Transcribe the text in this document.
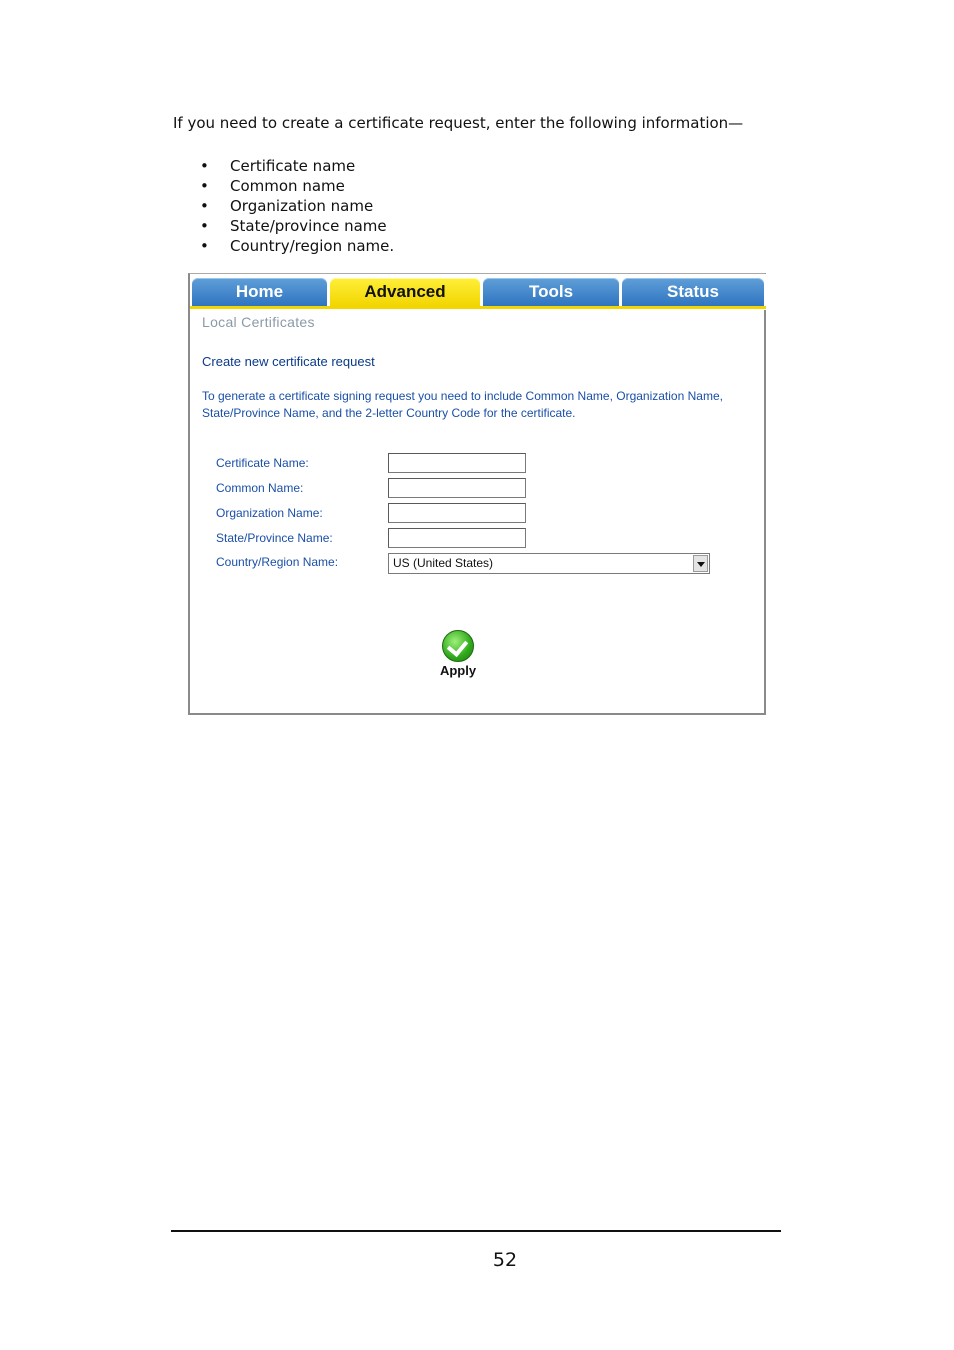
If you need to create a certificate request, enter the following information—

• Certificate name
• Common name
• Organization name
• State/province name
• Country/region name.
Home	Advanced	Tools	Status
Local Certificates
Create new certificate request
To generate a certificate signing request you need to include Common Name, Organization Name, State/Province Name, and the 2-letter Country Code for the certificate.
Certificate Name:
Common Name:
Organization Name:
State/Province Name:
Country/Region Name:	US (United States)
Apply
52
